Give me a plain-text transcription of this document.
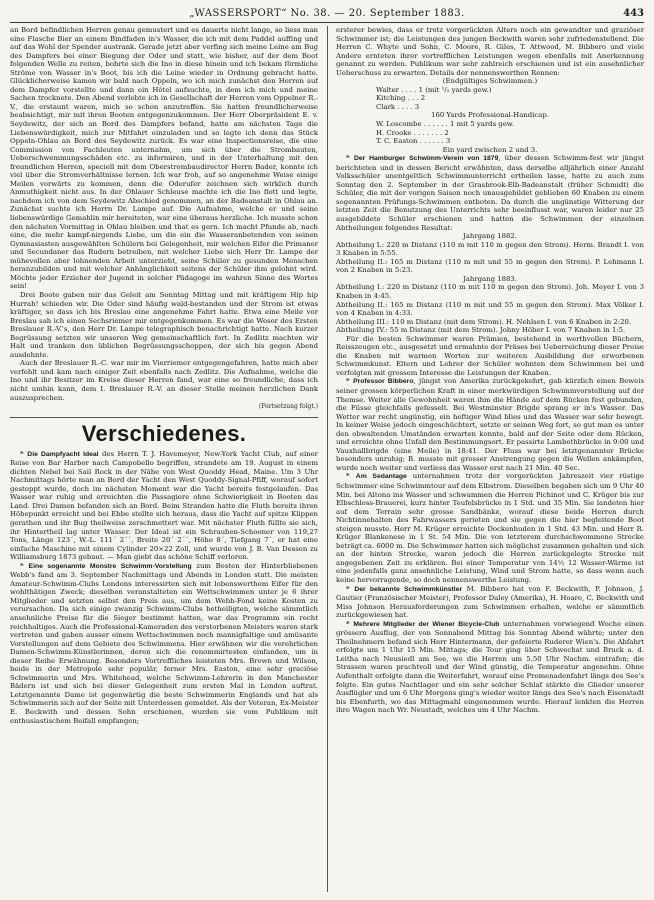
„WASSERSPORT“ No. 38. — 20. September 1883.	443

an Bord befindlichen Herren genau gemustert und es dauerte nicht lange, so liess man eine Flasche Bier an einem Bindfaden in's Wasser, die ich mit dem Paddel auffing und auf das Wohl der Spender austrank. Gerade jetzt aber verfing sich meine Leine am Bug des Dampfers bei einer Biegung der Oder und statt, wie bisher, auf der dem Boot folgenden Welle zu reiten, bohrte sich die Ino in diese hinein und ich bekam förmliche Ströme von Wasser in's Boot, bis ich die Leine wieder in Ordnung gebracht hatte. Glücklicherweise kamen wir bald nach Oppeln, wo ich mich zunächst den Herren auf dem Dampfer vorstellte und dann ein Hôtel aufsuchte, in dem ich mich und meine Sachen trocknete. Den Abend verlebte ich in Gesellschaft der Herren vom Oppelner R.-V., die erstaunt waren, mich so schon anzutreffen. Sie hatten freundlicherweise beabsichtigt, mir mit ihren Booten entgegenzukommen. Der Herr Oberpräsident E. v. Seydewitz, der sich an Bord des Dampfers befand, hatte am nächsten Tage die Liebenswürdigkeit, mich zur Mitfahrt einzuladen und so legte ich denn das Stück Oppeln-Ohlau an Bord des Seydewitz zurück. Es war eine Inspectionsreise, die eine Commission von Fachleuten unternahm, um sich über die Strombauten, Ueberschwemmungsschäden etc. zu informiren, und in der Unterhaltung mit den freundlichen Herren, speciell mit dem Oberstrombaudirector Herrn Bader, konnte ich viel über die Stromverhältnisse lernen. Ich war froh, auf so angenehme Weise einige Meilen vorwärts zu kommen, denn die Oderufer zeichnen sich wirklich durch Anmuthigkeit nicht aus. In der Ohlauer Schleuse machte ich die Ino flott und legte, nachdem ich von dem Seydewitz Abschied genommen, an der Badeanstalt in Ohlau an. Zunächst suchte ich Herrn Dr. Lampe auf. Die Aufnahme, welche er und seine liebenswürdige Gemahlin mir bereiteten, war eine überaus herzliche. Ich musste schon den nächsten Vormittag in Ohlau bleiben und that es gern. Ich macht Pfunde ab, nach eine, die mehr kampf-nirgends Liebe, um die ein die Wasseranbetenden von seinen Gymnasiasten ausgewählten Schülern bei Gelegenheit, mir welchen Eifer die Primaner und Secundaner das Rudern betreiben, mit welcher Liebe sich Herr Dr. Lampe der mühevollen aber lohnenden Arbeit unterzieht, seine Schüler zu gesunden Menschen heranzubilden und mit welcher Anhänglichkeit seitens der Schüler ihm gelohnt wird. Möchte jeder Erzieher der Jugend in solcher Pädagoge im wahren Sinne des Wortes sein!

Drei Boote gaben mir das Geleit am Sonntag Mittag und mit kräftigem Hip hip Hurrah! schieden wir. Die Oder sind häufig wald-bestanden und der Strom ist etwas kräftiger, so dass ich bis Breslau eine angenehme Fahrt hatte. Etwa eine Meile vor Breslau sah ich einen Sechsriemer mir entgegenkommen. Es war die Weser des Ersten Breslauer R.-V.'s, den Herr Dr. Lampe telegraphisch benachrichtigt hatte. Nach kurzer Begrüssung setzten wir unseren Weg gemeinschaftlich fort. In Zedlitz machten wir Halt und tranken den üblichen Begrüssungsschoppen, der sich bis gegen Abend ausdehnte.

Auch der Breslauer R.-C. war mir im Vierriemer entgegengefahren, hatte mich aber verfehlt und kam nach einiger Zeit ebenfalls nach Zedlitz. Die Aufnahme, welche die Ino und ihr Besitzer im Kreise dieser Herren fand, war eine so freundliche, dass ich nicht umhin kann, dem I. Breslauer R.-V. an dieser Stelle meinen herzlichen Dank auszusprechen.

(Fortsetzung folgt.)

Verschiedenes.

* Die Dampfyacht Ideal des Herrn T. J. Havemeyer, New-York Yacht Club, auf einer Reise von Bar Harbor nach Campobello begriffen, strandete am 19. August in einem dichten Nebel bei Sail Rock in der Nähe von West Quoddy Head, Maine. Um 3 Uhr Nachmittags hörte man an Bord der Yacht den West Quoddy-Signal-Pfiff, worauf sofort gestoppt wurde, doch im nächsten Moment war die Yacht bereits festgelaufen. Das Wasser war ruhig und erreichten die Passagiere ohne Schwierigkeit in Booten das Land. Drei Damen befanden sich an Bord. Beim Stranden hatte die Fluth bereits ihren Höhepunkt erreicht und bei Ebbe stellte sich heraus, dass die Yacht auf spitze Klippen gerathen und ihr Bug theilweise zerschmettert war. Mit nächster Fluth füllte sie sich, ihr Hintertheil lag unter Wasser. Der Ideal ist ein Schrauben-Schooner von 119,27 Tons, Länge 123´, W.-L. 111´ 2´´, Breite 20´ 2´´, Höhe 8´, Tiefgang 7´, er hat eine einfache Maschine mit einem Cylinder 20×22 Zoll, und wurde von J. B. Van Dessen zu Williamsburg 1873 gebaut. — Man giebt das schöne Schiff verloren.

* Eine sogenannte Monstre Schwimm-Vorstellung zum Besten der Hinterbliebenen Webb's fand am 3. September Nachmittags und Abends in London statt. Die meisten Amateur-Schwimm-Clubs Londons interessirten sich mit lobenswerthem Eifer für den wohlthätigen Zweck; dieselben veranstalteten ein Wettschwimmen unter je 6 ihrer Mitglieder und setzten selbst den Preis aus, um dem Webb-Fond keine Kosten zu verursachen. Da sich einige zwanzig Schwimm-Clubs betheiligten, welche sämmtlich ansehnliche Preise für die Sieger bestimmt hatten, war das Programm ein recht reichhaltiges. Auch die Professional-Kameraden des verstorbenen Meisters waren stark vertreten und gaben ausser einem Wettschwimmen noch mannigfaltige und amüsante Vorstellungen auf dem Gebiete des Schwimmens. Hier erwähnen wir die verehrlichen Damen-Schwimm-Künstlerinnen, deren sich die renommirtesten einfanden, um in dieser Reihe Erwähnung. Besonders Vortreffliches leisteten Mrs. Brown und Wilson, beide in der Metropole sehr populär, ferner Mrs. Easton, eine sehr graciöse Schwimmerin und Mrs. Whitehead, welche Schwimm-Lehrerin in den Manchester Bädern ist und sich bei dieser Gelegenheit zum ersten Mal in London auftrat. Letztgenannte Dame ist gegenwärtig die beste Schwimmerin Englands und hat als Schwimmerin sich auf der Seite mit Unterdessen gemeldet. Als der Veteran, Ex-Meister E. Beckwith und dessen Sohn erschienen, wurden sie vom Publikum mit enthusiastischem Beifall empfangen;

ersterer bewies, dass er trotz vorgerückten Alters noch ein gewandter und graziöser Schwimmer ist; die Leistungen des jungen Beckwith waren sehr zufriedenstellend. Die Herren C. Whyte und Sohn, C. Moore, R. Giles, T. Attwood, M. Bibbero und viele Andere ernteten ihrer vortrefflichen Leistungen wegen ebenfalls mit Anerkennung genannt zu werden. Publikum war sehr zahlreich erschienen und ist ein ausehnlicher Ueberschuss zu erwarten. Details der nennenswerthen Rennen:

(Endgültiges Schwimmen.)

Walter . . . . 1 (mit ¹/₂ yards gew.)
Kitching . . . 2
Clark . . . . 3

160 Yards Professional-Handicap.

W. Loscombe . . . . . . 1 mit 5 yards gew.
H. Crooke . . . . . . . 2
T. C. Easton . . . . . . 3

Ein yard zwischen 2 und 3.

* Der Hamburger Schwimm-Verein von 1879, über dessen Schwimm-fest wir jüngst berichteten und in dessen Bericht erwähnten, dass derselbe alljährlich einer Anzahl Volksschüler unentgeltlich Schwimmunterricht ertheilen lasse, hatte zu auch zum Sonntag den 2. September in der Grasbrook-Elb-Badeanstalt (früher Schmidt) die Schüler, die mit der vorigen Saison noch unausgebildet geblieben 60 Knaben zu einem sogenannten Prüfungs-Schwimmen entboten. Da durch die ungünstige Witterung der letzten Zeit die Benutzung des Unterrichts sehr beeinflusst war, waren leider nur 25 ausgebildete Schüler erschienen und hatten die Schwimmen der einzelnen Abtheilungen folgendes Resultat:

Jahrgang 1882.

Abtheilung I.: 220 m Distanz (110 m mit 110 m gegen den Strom). Herm. Brandt I. von 3 Knaben in 5:55.

Abtheilung II.: 165 m Distanz (110 m mit und 55 m gegen den Strom). P. Lehmann I. von 2 Knaben in 5:23.

Jahrgang 1883.

Abtheilung I.: 220 m Distanz (110 m mit 110 m gegen den Strom). Joh. Meyer I. von 3 Knaben in 4:45.

Abtheilung II.: 165 m Distanz (110 m mit und 55 m gegen den Strom). Max Völker I. von 4 Knaben in 4:33.

Abtheilung III.: 110 m Distanz (mit dem Strom). H. Nehlsen I. von 6 Knaben in 2:20.

Abtheilung IV.: 55 m Distanz (mit dem Strom). Johny Höber I. von 7 Knaben in 1:5.

Für die besten Schwimmer waren Prämien, bestehend in werthvollen Büchern, Reisszeugen etc., ausgesetzt und ermahnte der Präses bei Ueberreichung dieser Preise die Knaben mit warmen Worten zur weiteren Ausbildung der erworbenen Schwimmkunst. Eltern und Lehrer der Schüler wohnten dem Schwimmen bei und verfolgten mit grossem Interesse die Leistungen der Knaben.

* Professor Bibbero, jüngst von Amerika zurückgekehrt, gab kürzlich einen Beweis seiner grossen körperlichen Kraft in einer merkwürdigen Schwimmvorstellung auf der Themse. Weiter alle Gewohnheit waren ihm die Hände auf dem Rücken fest gebunden, die Füsse gleichfalls gefesselt. Bei Westminster Brigde sprang er in's Wasser. Das Wetter war recht ungünstig, ein heftiger Wind blies und das Wasser war sehr bewegt. In keiner Weise jedoch eingeschüchtert, setzte er seinen Weg fort, so gut man es unter den obwaltenden Umständen erwarten konnte, bald auf der Seite oder dem Rücken, und erreichte ohne Unfall den Bestimmungsort. Er passirte Lambethbrücke in 9:00 und Vauxhallbrigde (eine Meile) in 18:41. Der Fluss war bei letztgenannter Brücke besonders unruhig; B. musste mit grosser Anstrengung gegen die Wellen ankämpfen, wurde noch weiter und verliess das Wasser erst nach 21 Min. 40 Sec.

* Am Sedantage unternahmen trotz der vorgerückten Jahreszeit vier rüstige Schwimmer eine Schwimmtour auf dem Elbstrom. Dieselben begaben sich um 9 Uhr 40 Min. bei Altona ins Wasser und schwammen die Herren Pichinot und C. Krüger bis zur Elbschloss-Brauerei, kurz hinter Teufelsbrücke in 1 Std. und 35 Min. Sie landeten hier auf dem Terrain sehr grosse Sandbänke, worauf diese beide Herren durch Nichtinnehalten des Fahrwassers gerieten und sie gegen die hier begleitende Boot steigen musste. Herr M. Krüger erreichte Dockenhuden in 1 Std. 43 Min. und Herr R. Krüger Blankenese in 1 St. 54 Min. Die von letzterem durchschwommene Strecke beträgt ca. 6000 m. Die Schwimmer hatten sich möglichst zusammen gehalten und sich an der hinten Strecke, waren jedoch die Herren zurückgelegte Strecke mit angegebenen Zeit zu erklären. Bei einer Temperatur von 14½ 12 Wasser-Wärme ist eine jedenfalls ganz ansehnliche Leistung, Wind und Strom hatte, so dass wenn auch keine hervorragende, so doch nennenswerthe Leistung.

* Der bekannte Schwimmkünstler M. Bibbero hat von F. Beckwith, P. Johnson, J. Gautier (Französischer Meister), Professor Daley (Amerika), H. Hoare, C. Beckwith und Miss Johnson Herausforderungen zum Schwimmen erhalten, welche er sämmtlich zurückgewiesen hat.

* Mehrere Mitglieder der Wiener Bicycle-Club unternahmen vorwiegend Woche einen grössern Ausflug, der von Sonnabend Mittag bis Sonntag Abend währte; unter den Theilnehmern befand sich Herr Hintermann, der gefeierte Ruderer Wien's. Die Abfahrt erfolgte um 1 Uhr 15 Min. Mittags; die Tour ging über Schwechat und Bruck a. d. Leitha nach Neusiedl am See, wo die Herren um 5.50 Uhr Nachm. eintrafen; die Strassen waren prachtvoll und der Wind günstig, die Temperatur angenehm. Ohne Aufenthalt erfolgte dann die Weiterfahrt, worauf eine Promenadenfahrt längs des See's folgte. Ein gutes Nachtlager und ein sehr solcher Schlaf stärkte die Glieder unserer Ausflügler und um 6 Uhr Morgens ging's wieder weiter längs des See's nach Eisenstadt bis Ebenfurth, wo das Mittagmahl eingenommen wurde. Hierauf lenkten die Herren ihre Wagen nach Wr. Neustadt, welches um 4 Uhr Nachm.
